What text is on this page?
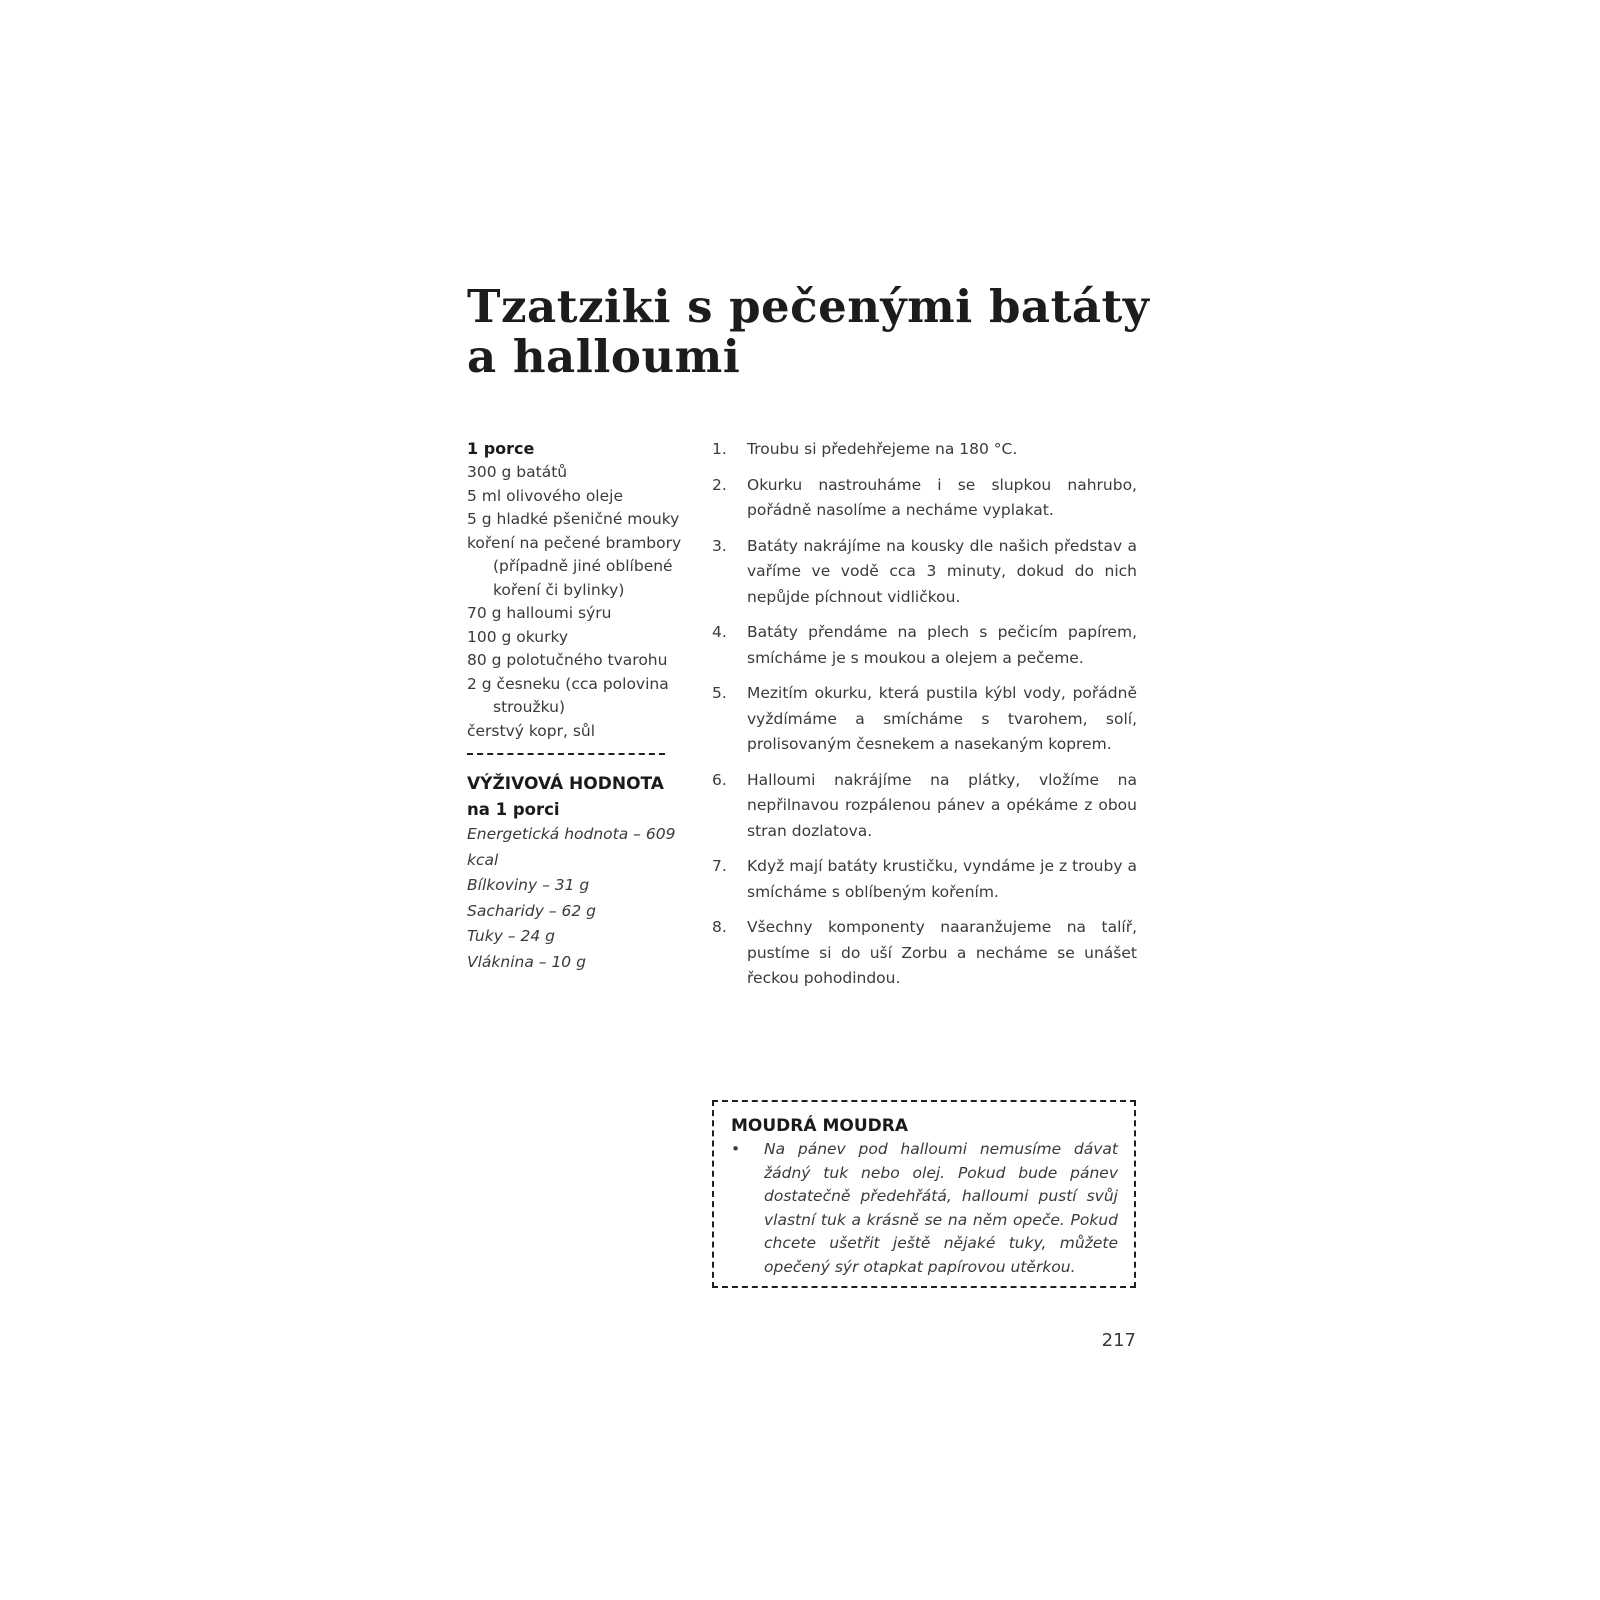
Tzatziki s pečenými batáty
a halloumi
1 porce
300 g batátů
5 ml olivového oleje
5 g hladké pšeničné mouky
koření na pečené brambory (případně jiné oblíbené koření či bylinky)
70 g halloumi sýru
100 g okurky
80 g polotučného tvarohu
2 g česneku (cca polovina stroužku)
čerstvý kopr, sůl
VÝŽIVOVÁ HODNOTA
na 1 porci
Energetická hodnota – 609 kcal
Bílkoviny – 31 g
Sacharidy – 62 g
Tuky – 24 g
Vláknina – 10 g
1. Troubu si předehřejeme na 180 °C.
2. Okurku nastrouháme i se slupkou nahrubo, pořádně nasolíme a necháme vyplakat.
3. Batáty nakrájíme na kousky dle našich představ a vaříme ve vodě cca 3 minuty, dokud do nich nepůjde píchnout vidličkou.
4. Batáty přendáme na plech s pečicím papírem, smícháme je s moukou a olejem a pečeme.
5. Mezitím okurku, která pustila kýbl vody, pořádně vyždímáme a smícháme s tvarohem, solí, prolisovaným česnekem a nasekaným koprem.
6. Halloumi nakrájíme na plátky, vložíme na nepřilnavou rozpálenou pánev a opékáme z obou stran dozlatova.
7. Když mají batáty krustičku, vyndáme je z trouby a smícháme s oblíbeným kořením.
8. Všechny komponenty naaranžujeme na talíř, pustíme si do uší Zorbu a necháme se unášet řeckou pohodindou.
MOUDRÁ MOUDRA
• Na pánev pod halloumi nemusíme dávat žádný tuk nebo olej. Pokud bude pánev dostatečně předehřátá, halloumi pustí svůj vlastní tuk a krásně se na něm opeče. Pokud chcete ušetřit ještě nějaké tuky, můžete opečený sýr otapkat papírovou utěrkou.
217
